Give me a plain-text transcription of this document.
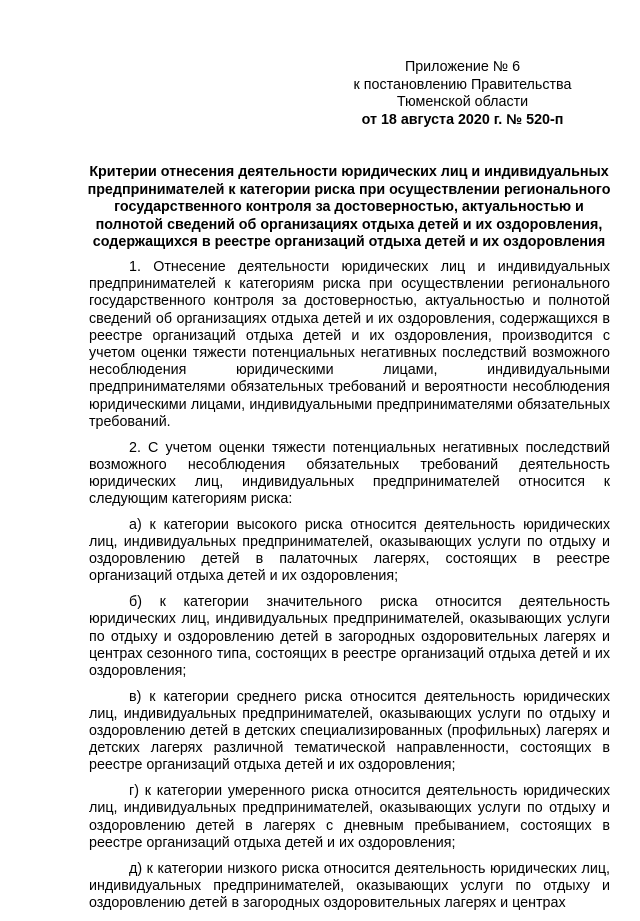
Приложение № 6
к постановлению Правительства
Тюменской области
от 18 августа 2020 г. № 520-п
Критерии отнесения деятельности юридических лиц и индивидуальных предпринимателей к категории риска при осуществлении регионального государственного контроля за достоверностью, актуальностью и полнотой сведений об организациях отдыха детей и их оздоровления, содержащихся в реестре организаций отдыха детей и их оздоровления

1. Отнесение деятельности юридических лиц и индивидуальных предпринимателей к категориям риска при осуществлении регионального государственного контроля за достоверностью, актуальностью и полнотой сведений об организациях отдыха детей и их оздоровления, содержащихся в реестре организаций отдыха детей и их оздоровления, производится с учетом оценки тяжести потенциальных негативных последствий возможного несоблюдения юридическими лицами, индивидуальными предпринимателями обязательных требований и вероятности несоблюдения юридическими лицами, индивидуальными предпринимателями обязательных требований.

2. С учетом оценки тяжести потенциальных негативных последствий возможного несоблюдения обязательных требований деятельность юридических лиц, индивидуальных предпринимателей относится к следующим категориям риска:

а) к категории высокого риска относится деятельность юридических лиц, индивидуальных предпринимателей, оказывающих услуги по отдыху и оздоровлению детей в палаточных лагерях, состоящих в реестре организаций отдыха детей и их оздоровления;

б) к категории значительного риска относится деятельность юридических лиц, индивидуальных предпринимателей, оказывающих услуги по отдыху и оздоровлению детей в загородных оздоровительных лагерях и центрах сезонного типа, состоящих в реестре организаций отдыха детей и их оздоровления;

в) к категории среднего риска относится деятельность юридических лиц, индивидуальных предпринимателей, оказывающих услуги по отдыху и оздоровлению детей в детских специализированных (профильных) лагерях и детских лагерях различной тематической направленности, состоящих в реестре организаций отдыха детей и их оздоровления;

г) к категории умеренного риска относится деятельность юридических лиц, индивидуальных предпринимателей, оказывающих услуги по отдыху и оздоровлению детей в лагерях с дневным пребыванием, состоящих в реестре организаций отдыха детей и их оздоровления;

д) к категории низкого риска относится деятельность юридических лиц, индивидуальных предпринимателей, оказывающих услуги по отдыху и оздоровлению детей в загородных оздоровительных лагерях и центрах
